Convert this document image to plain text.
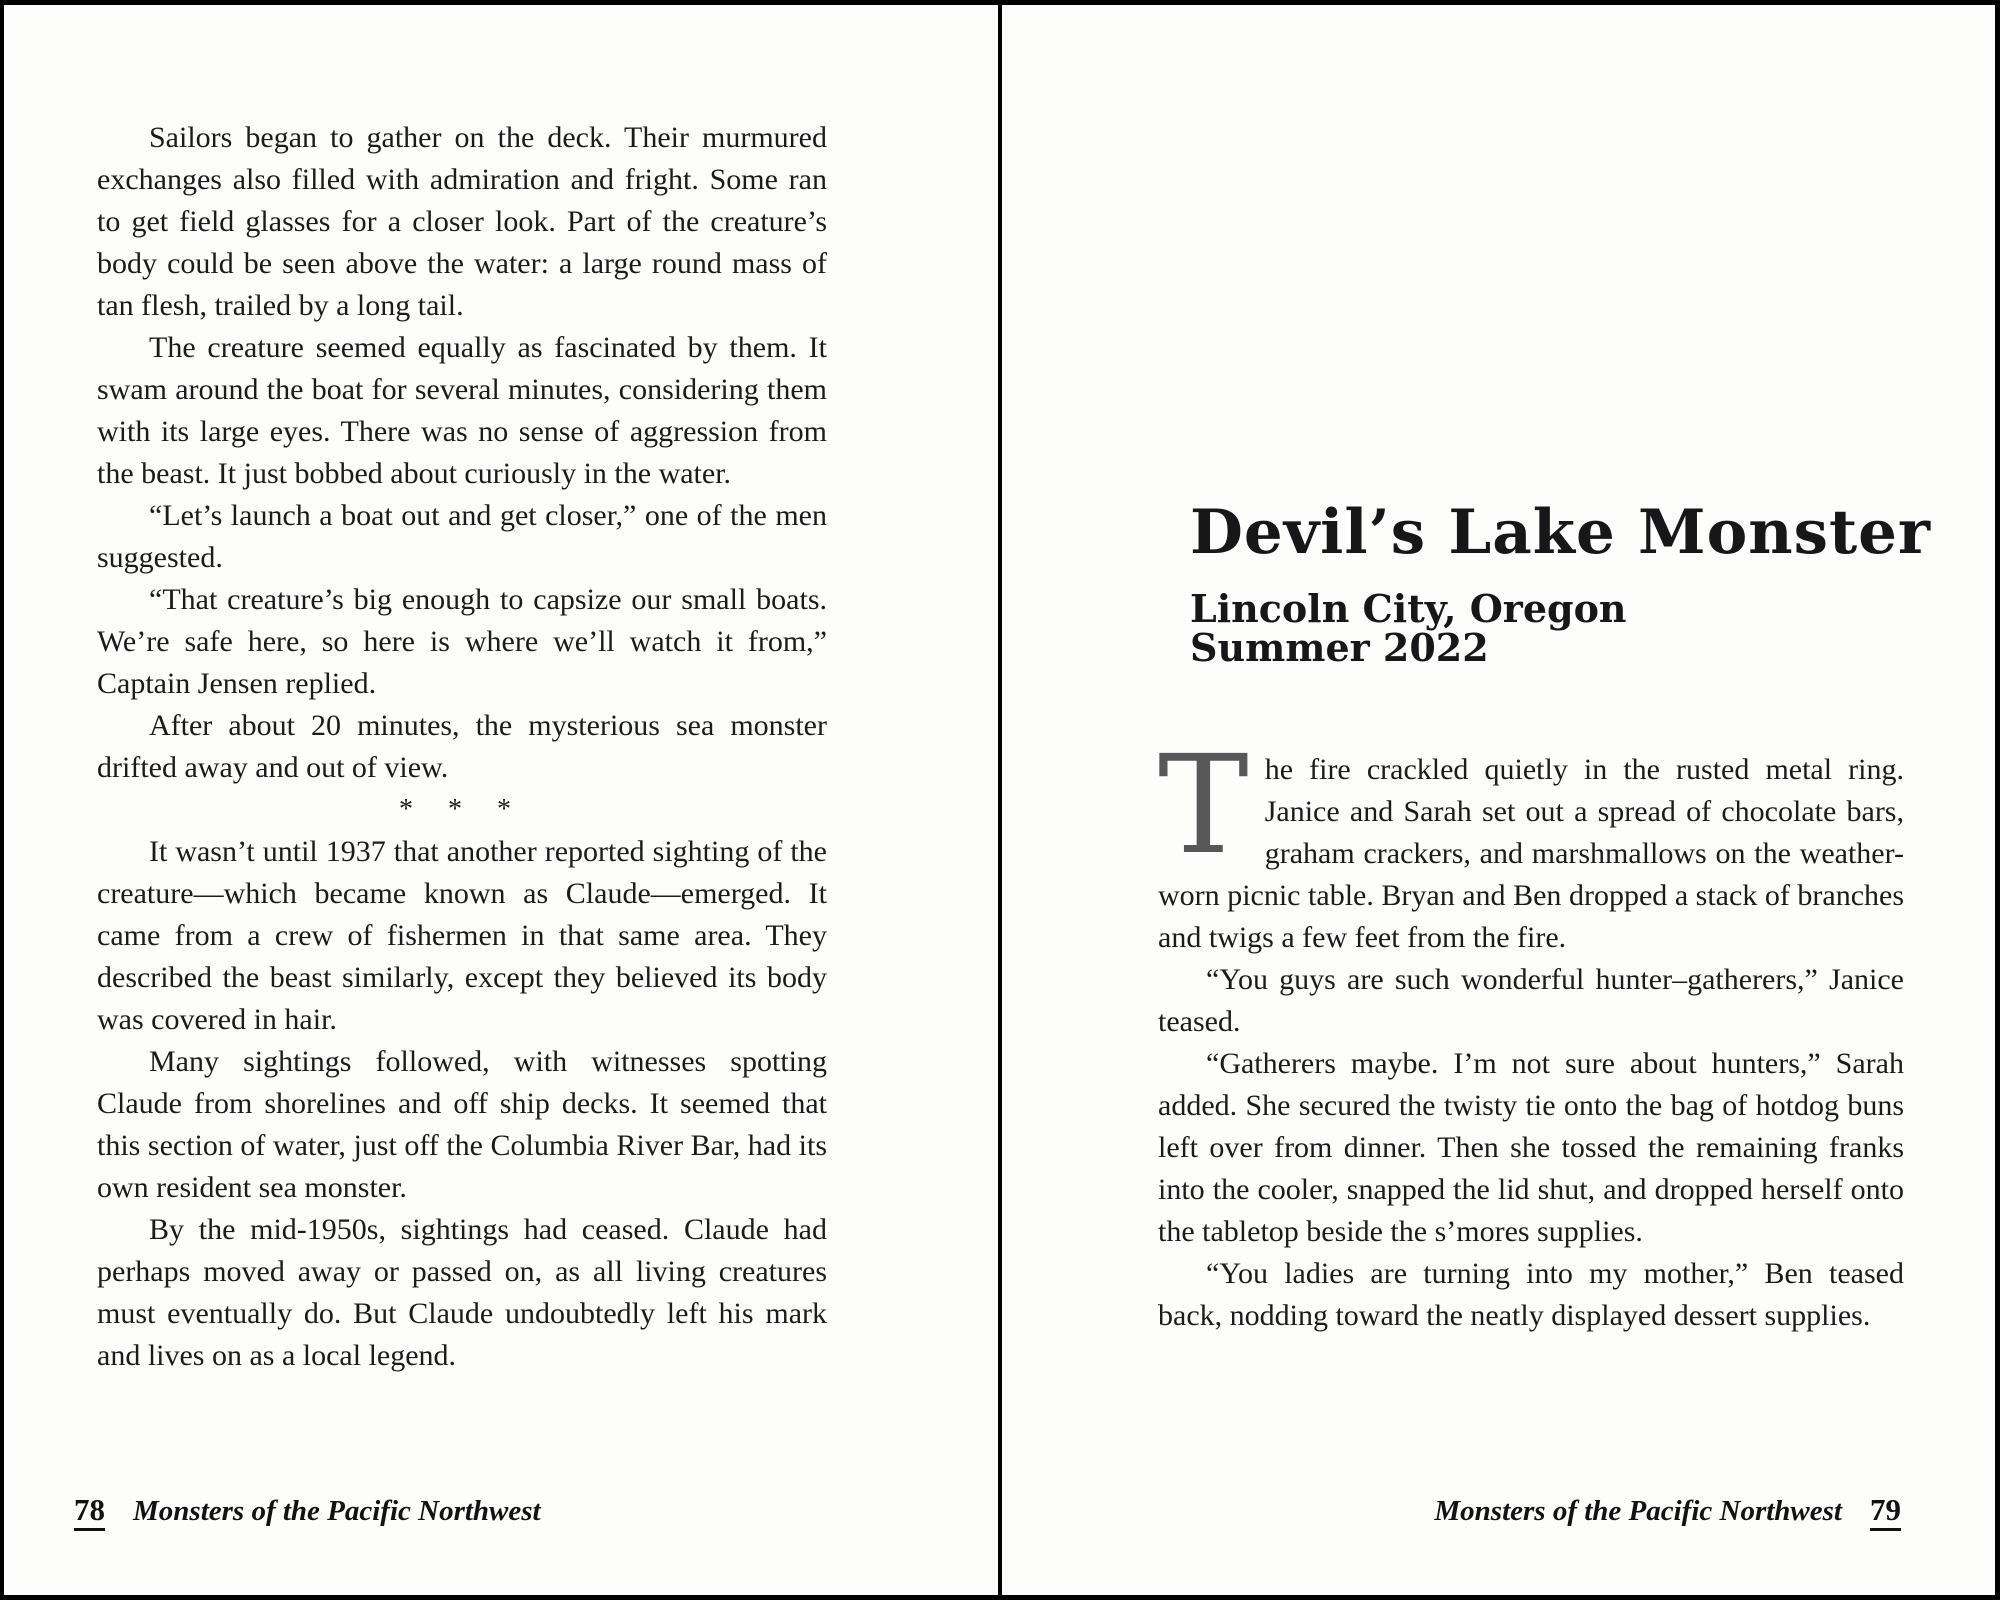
Sailors began to gather on the deck. Their murmured exchanges also filled with admiration and fright. Some ran to get field glasses for a closer look. Part of the creature’s body could be seen above the water: a large round mass of tan flesh, trailed by a long tail.

The creature seemed equally as fascinated by them. It swam around the boat for several minutes, considering them with its large eyes. There was no sense of aggression from the beast. It just bobbed about curiously in the water.

“Let’s launch a boat out and get closer,” one of the men suggested.

“That creature’s big enough to capsize our small boats. We’re safe here, so here is where we’ll watch it from,” Captain Jensen replied.

After about 20 minutes, the mysterious sea monster drifted away and out of view.

* * *

It wasn’t until 1937 that another reported sighting of the creature—which became known as Claude—emerged. It came from a crew of fishermen in that same area. They described the beast similarly, except they believed its body was covered in hair.

Many sightings followed, with witnesses spotting Claude from shorelines and off ship decks. It seemed that this section of water, just off the Columbia River Bar, had its own resident sea monster.

By the mid-1950s, sightings had ceased. Claude had perhaps moved away or passed on, as all living creatures must eventually do. But Claude undoubtedly left his mark and lives on as a local legend.

78 Monsters of the Pacific Northwest
Devil’s Lake Monster
Lincoln City, Oregon
Summer 2022

The fire crackled quietly in the rusted metal ring. Janice and Sarah set out a spread of chocolate bars, graham crackers, and marshmallows on the weather-worn picnic table. Bryan and Ben dropped a stack of branches and twigs a few feet from the fire.

“You guys are such wonderful hunter–gatherers,” Janice teased.

“Gatherers maybe. I’m not sure about hunters,” Sarah added. She secured the twisty tie onto the bag of hotdog buns left over from dinner. Then she tossed the remaining franks into the cooler, snapped the lid shut, and dropped herself onto the tabletop beside the s’mores supplies.

“You ladies are turning into my mother,” Ben teased back, nodding toward the neatly displayed dessert supplies.

Monsters of the Pacific Northwest 79
